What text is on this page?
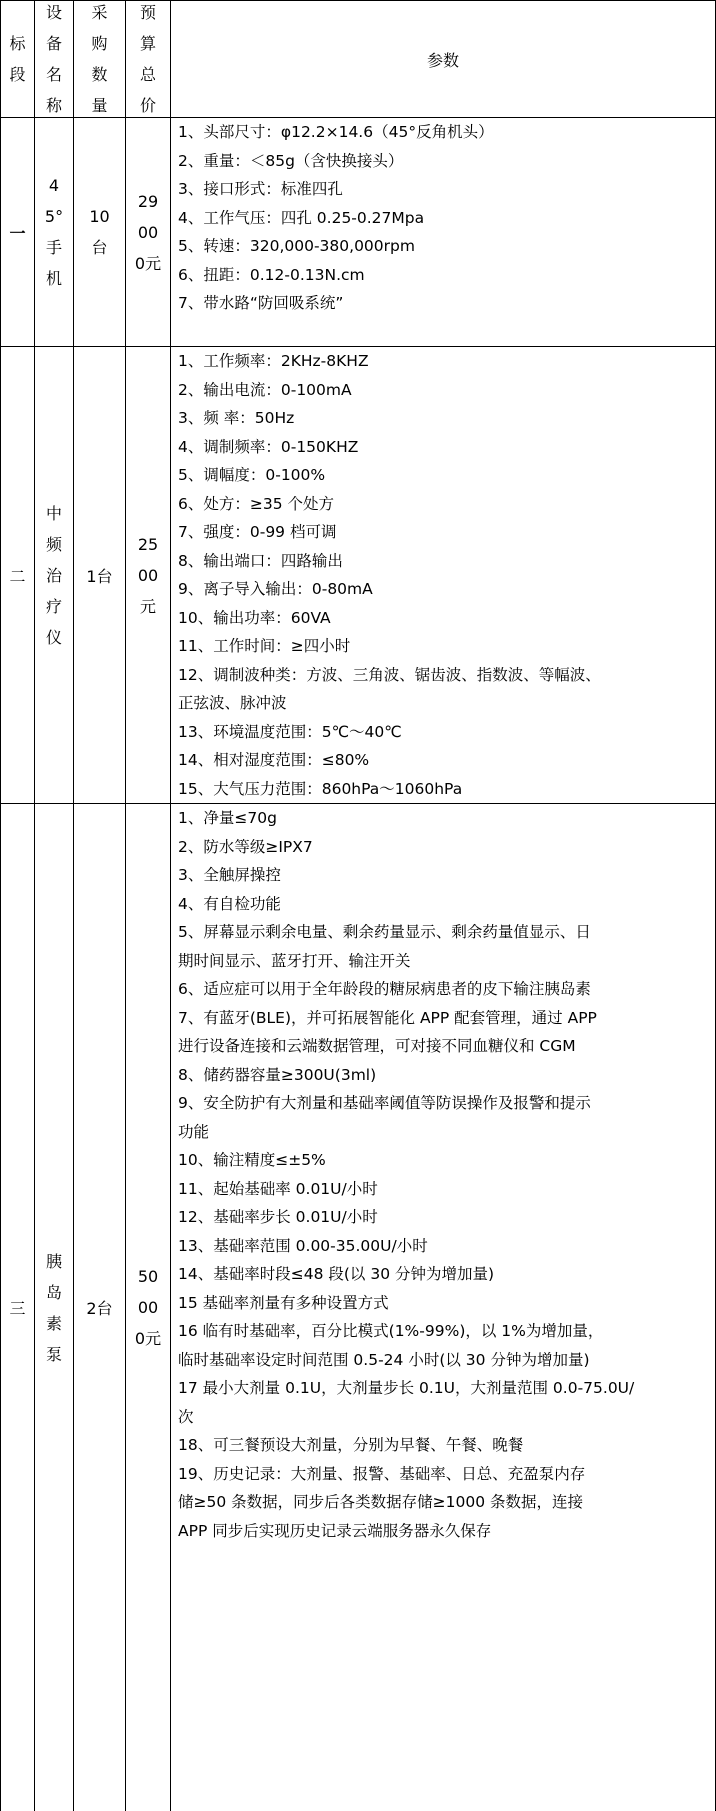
标段
设备名称
采购数量
预算总价
参数
一
45°手机
10台
29000元
1、头部尺寸：φ12.2×14.6（45°反角机头）
2、重量：＜85g（含快换接头）
3、接口形式：标准四孔
4、工作气压：四孔 0.25-0.27Mpa
5、转速：320,000-380,000rpm
6、扭距：0.12-0.13N.cm
7、带水路“防回吸系统”
二
中频治疗仪
1台
2500元
1、工作频率：2KHz-8KHZ
2、输出电流：0-100mA
3、频 率：50Hz
4、调制频率：0-150KHZ
5、调幅度：0-100%
6、处方：≥35 个处方
7、强度：0-99 档可调
8、输出端口：四路输出
9、离子导入输出：0-80mA
10、输出功率：60VA
11、工作时间：≥四小时
12、调制波种类：方波、三角波、锯齿波、指数波、等幅波、
正弦波、脉冲波
13、环境温度范围：5℃～40℃
14、相对湿度范围：≤80%
15、大气压力范围：860hPa～1060hPa
三
胰岛素泵
2台
50000元
1、净量≤70g
2、防水等级≥IPX7
3、全触屏操控
4、有自检功能
5、屏幕显示剩余电量、剩余药量显示、剩余药量值显示、日
期时间显示、蓝牙打开、输注开关
6、适应症可以用于全年龄段的糖尿病患者的皮下输注胰岛素
7、有蓝牙(BLE)，并可拓展智能化 APP 配套管理，通过 APP
进行设备连接和云端数据管理，可对接不同血糖仪和 CGM
8、储药器容量≥300U(3ml)
9、安全防护有大剂量和基础率阈值等防误操作及报警和提示
功能
10、输注精度≤±5%
11、起始基础率 0.01U/小时
12、基础率步长 0.01U/小时
13、基础率范围 0.00-35.00U/小时
14、基础率时段≤48 段(以 30 分钟为增加量)
15 基础率剂量有多种设置方式
16 临有时基础率，百分比模式(1%-99%)，以 1%为增加量，
临时基础率设定时间范围 0.5-24 小时(以 30 分钟为增加量)
17 最小大剂量 0.1U，大剂量步长 0.1U，大剂量范围 0.0-75.0U/
次
18、可三餐预设大剂量，分别为早餐、午餐、晚餐
19、历史记录：大剂量、报警、基础率、日总、充盈泵内存
储≥50 条数据，同步后各类数据存储≥1000 条数据，连接
APP 同步后实现历史记录云端服务器永久保存
